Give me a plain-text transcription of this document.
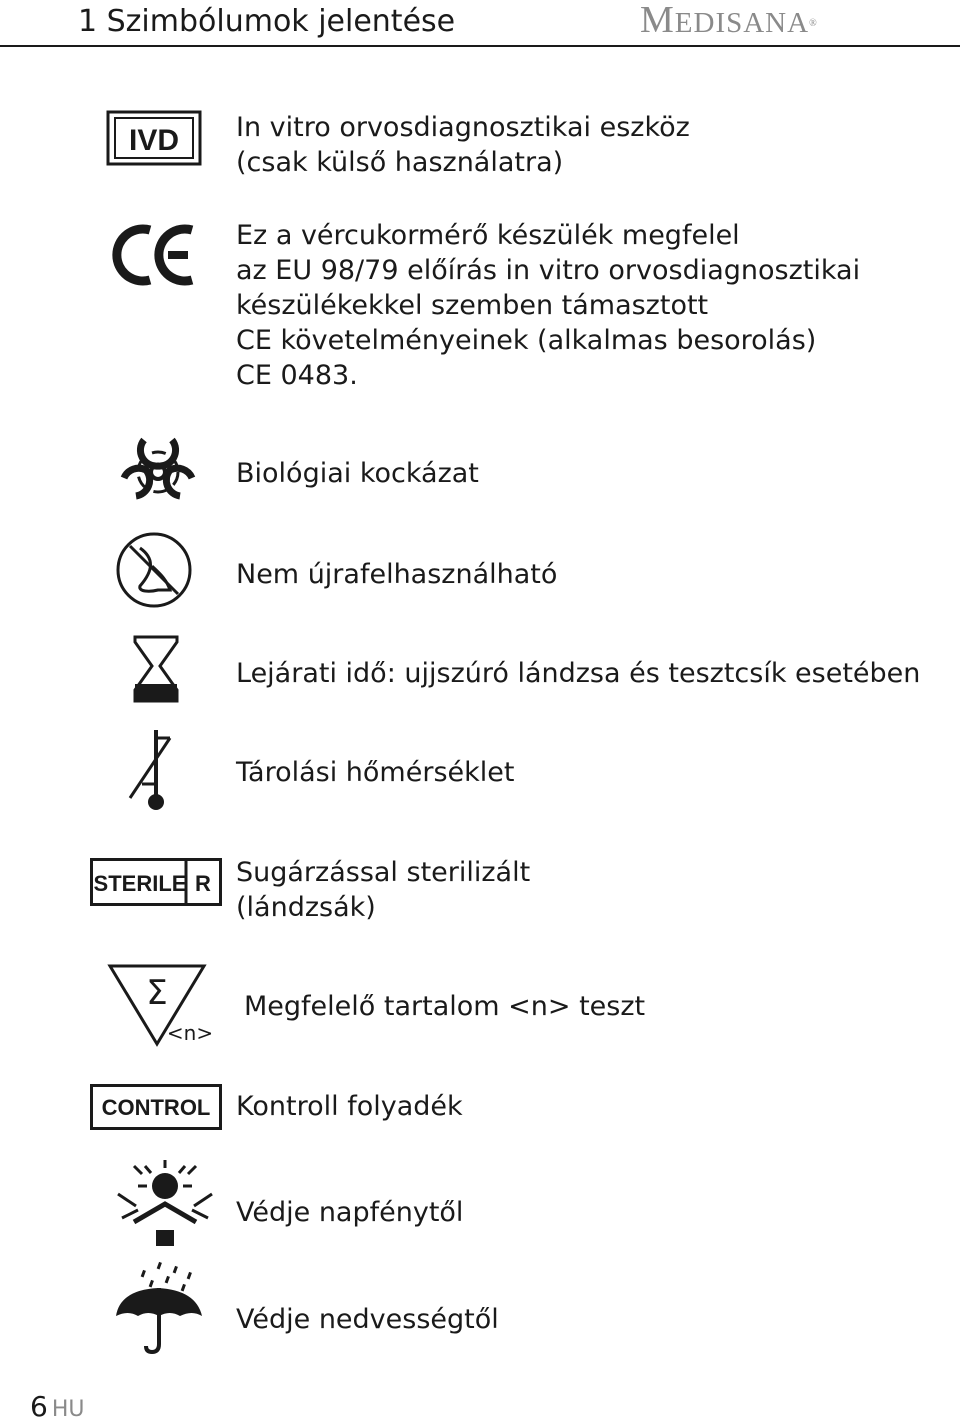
1 Szimbólumok jelentése	MEDISANA®
IVD In vitro orvosdiagnosztikai eszköz
(csak külső használatra)
Ez a vércukormérő készülék megfelel
az EU 98/79 előírás in vitro orvosdiagnosztikai
készülékekkel szemben támasztott
CE követelményeinek (alkalmas besorolás)
CE 0483.
Biológiai kockázat
Nem újrafelhasználható
Lejárati idő: ujjszúró lándzsa és tesztcsík esetében
Tárolási hőmérséklet
STERILE R Sugárzással sterilizált
(lándzsák)
Σ
<n>
Megfelelő tartalom <n> teszt
CONTROL Kontroll folyadék
Védje napfénytől
Védje nedvességtől
6 HU
